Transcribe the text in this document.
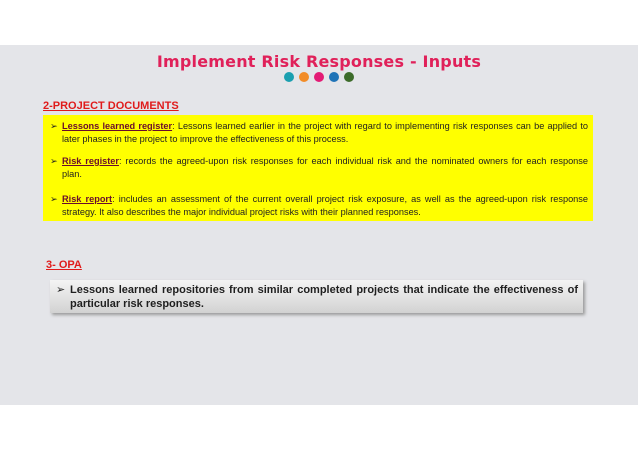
Implement Risk Responses - Inputs
2-PROJECT DOCUMENTS
➢ Lessons learned register: Lessons learned earlier in the project with regard to implementing risk responses can be applied to later phases in the project to improve the effectiveness of this process.
➢ Risk register: records the agreed-upon risk responses for each individual risk and the nominated owners for each response plan.
➢ Risk report: includes an assessment of the current overall project risk exposure, as well as the agreed-upon risk response strategy. It also describes the major individual project risks with their planned responses.
3- OPA
➢ Lessons learned repositories from similar completed projects that indicate the effectiveness of particular risk responses.
